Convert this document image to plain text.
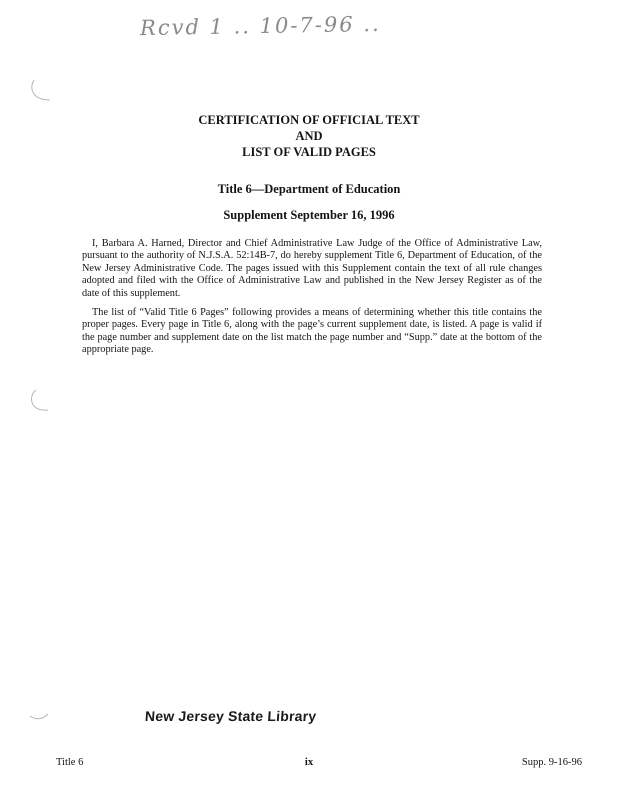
Rcvd 1 .. 10-7-96 ..
CERTIFICATION OF OFFICIAL TEXT
AND
LIST OF VALID PAGES
Title 6—Department of Education
Supplement September 16, 1996

I, Barbara A. Harned, Director and Chief Administrative Law Judge of the Office of Administrative Law, pursuant to the authority of N.J.S.A. 52:14B-7, do hereby supplement Title 6, Department of Education, of the New Jersey Administrative Code. The pages issued with this Supplement contain the text of all rule changes adopted and filed with the Office of Administrative Law and published in the New Jersey Register as of the date of this supplement.

The list of “Valid Title 6 Pages” following provides a means of determining whether this title contains the proper pages. Every page in Title 6, along with the page’s current supplement date, is listed. A page is valid if the page number and supplement date on the list match the page number and “Supp.” date at the bottom of the appropriate page.

New Jersey State Library
Title 6	ix	Supp. 9-16-96
